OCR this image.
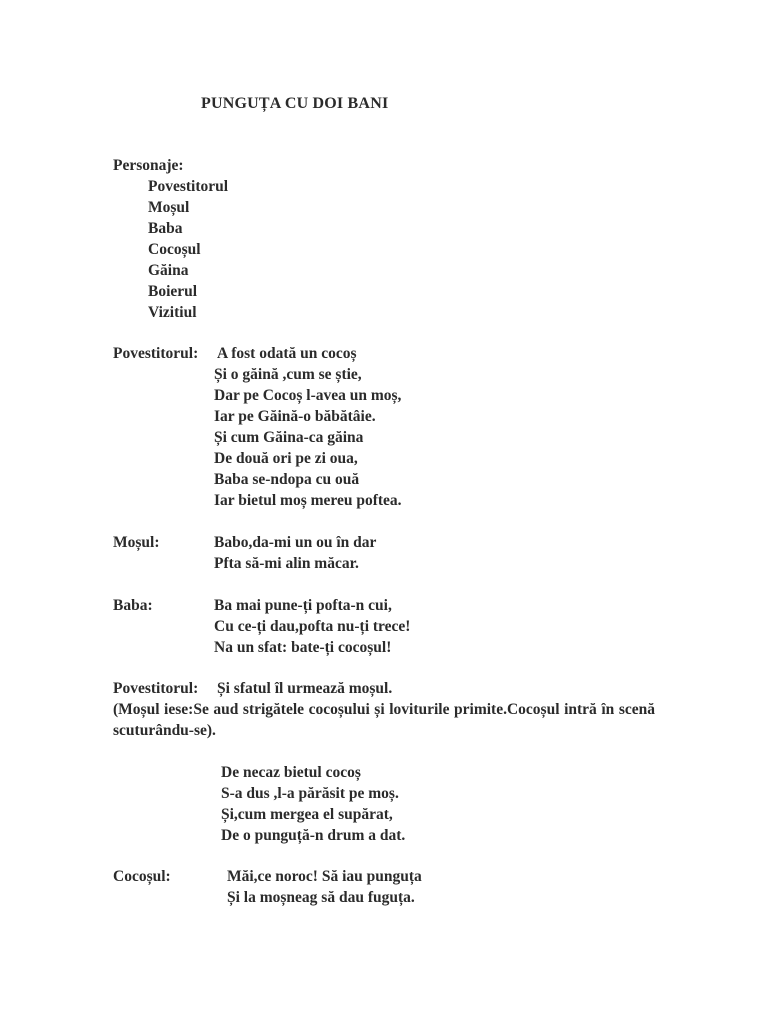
PUNGUȚA CU DOI BANI
Personaje:
Povestitorul
Moșul
Baba
Cocoșul
Găina
Boierul
Vizitiul
Povestitorul: A fost odată un cocoș
Și o găină ,cum se știe,
Dar pe Cocoș l-avea un moș,
Iar pe Găină-o băbătâie.
Și cum Găina-ca găina
De două ori pe zi oua,
Baba se-ndopa cu ouă
Iar bietul moș mereu poftea.
Moșul:	Babo,da-mi un ou în dar
Pfta să-mi alin măcar.
Baba:	Ba mai pune-ți pofta-n cui,
Cu ce-ți dau,pofta nu-ți trece!
Na un sfat: bate-ți cocoșul!
Povestitorul: Și sfatul îl urmează moșul.
(Moșul iese:Se aud strigătele cocoșului și loviturile primite.Cocoșul intră în scenă scuturându-se).
De necaz bietul cocoș
S-a dus ,l-a părăsit pe moș.
Și,cum mergea el supărat,
De o punguță-n drum a dat.
Cocoșul:	Măi,ce noroc! Să iau punguța
Și la moșneag să dau fuguța.
